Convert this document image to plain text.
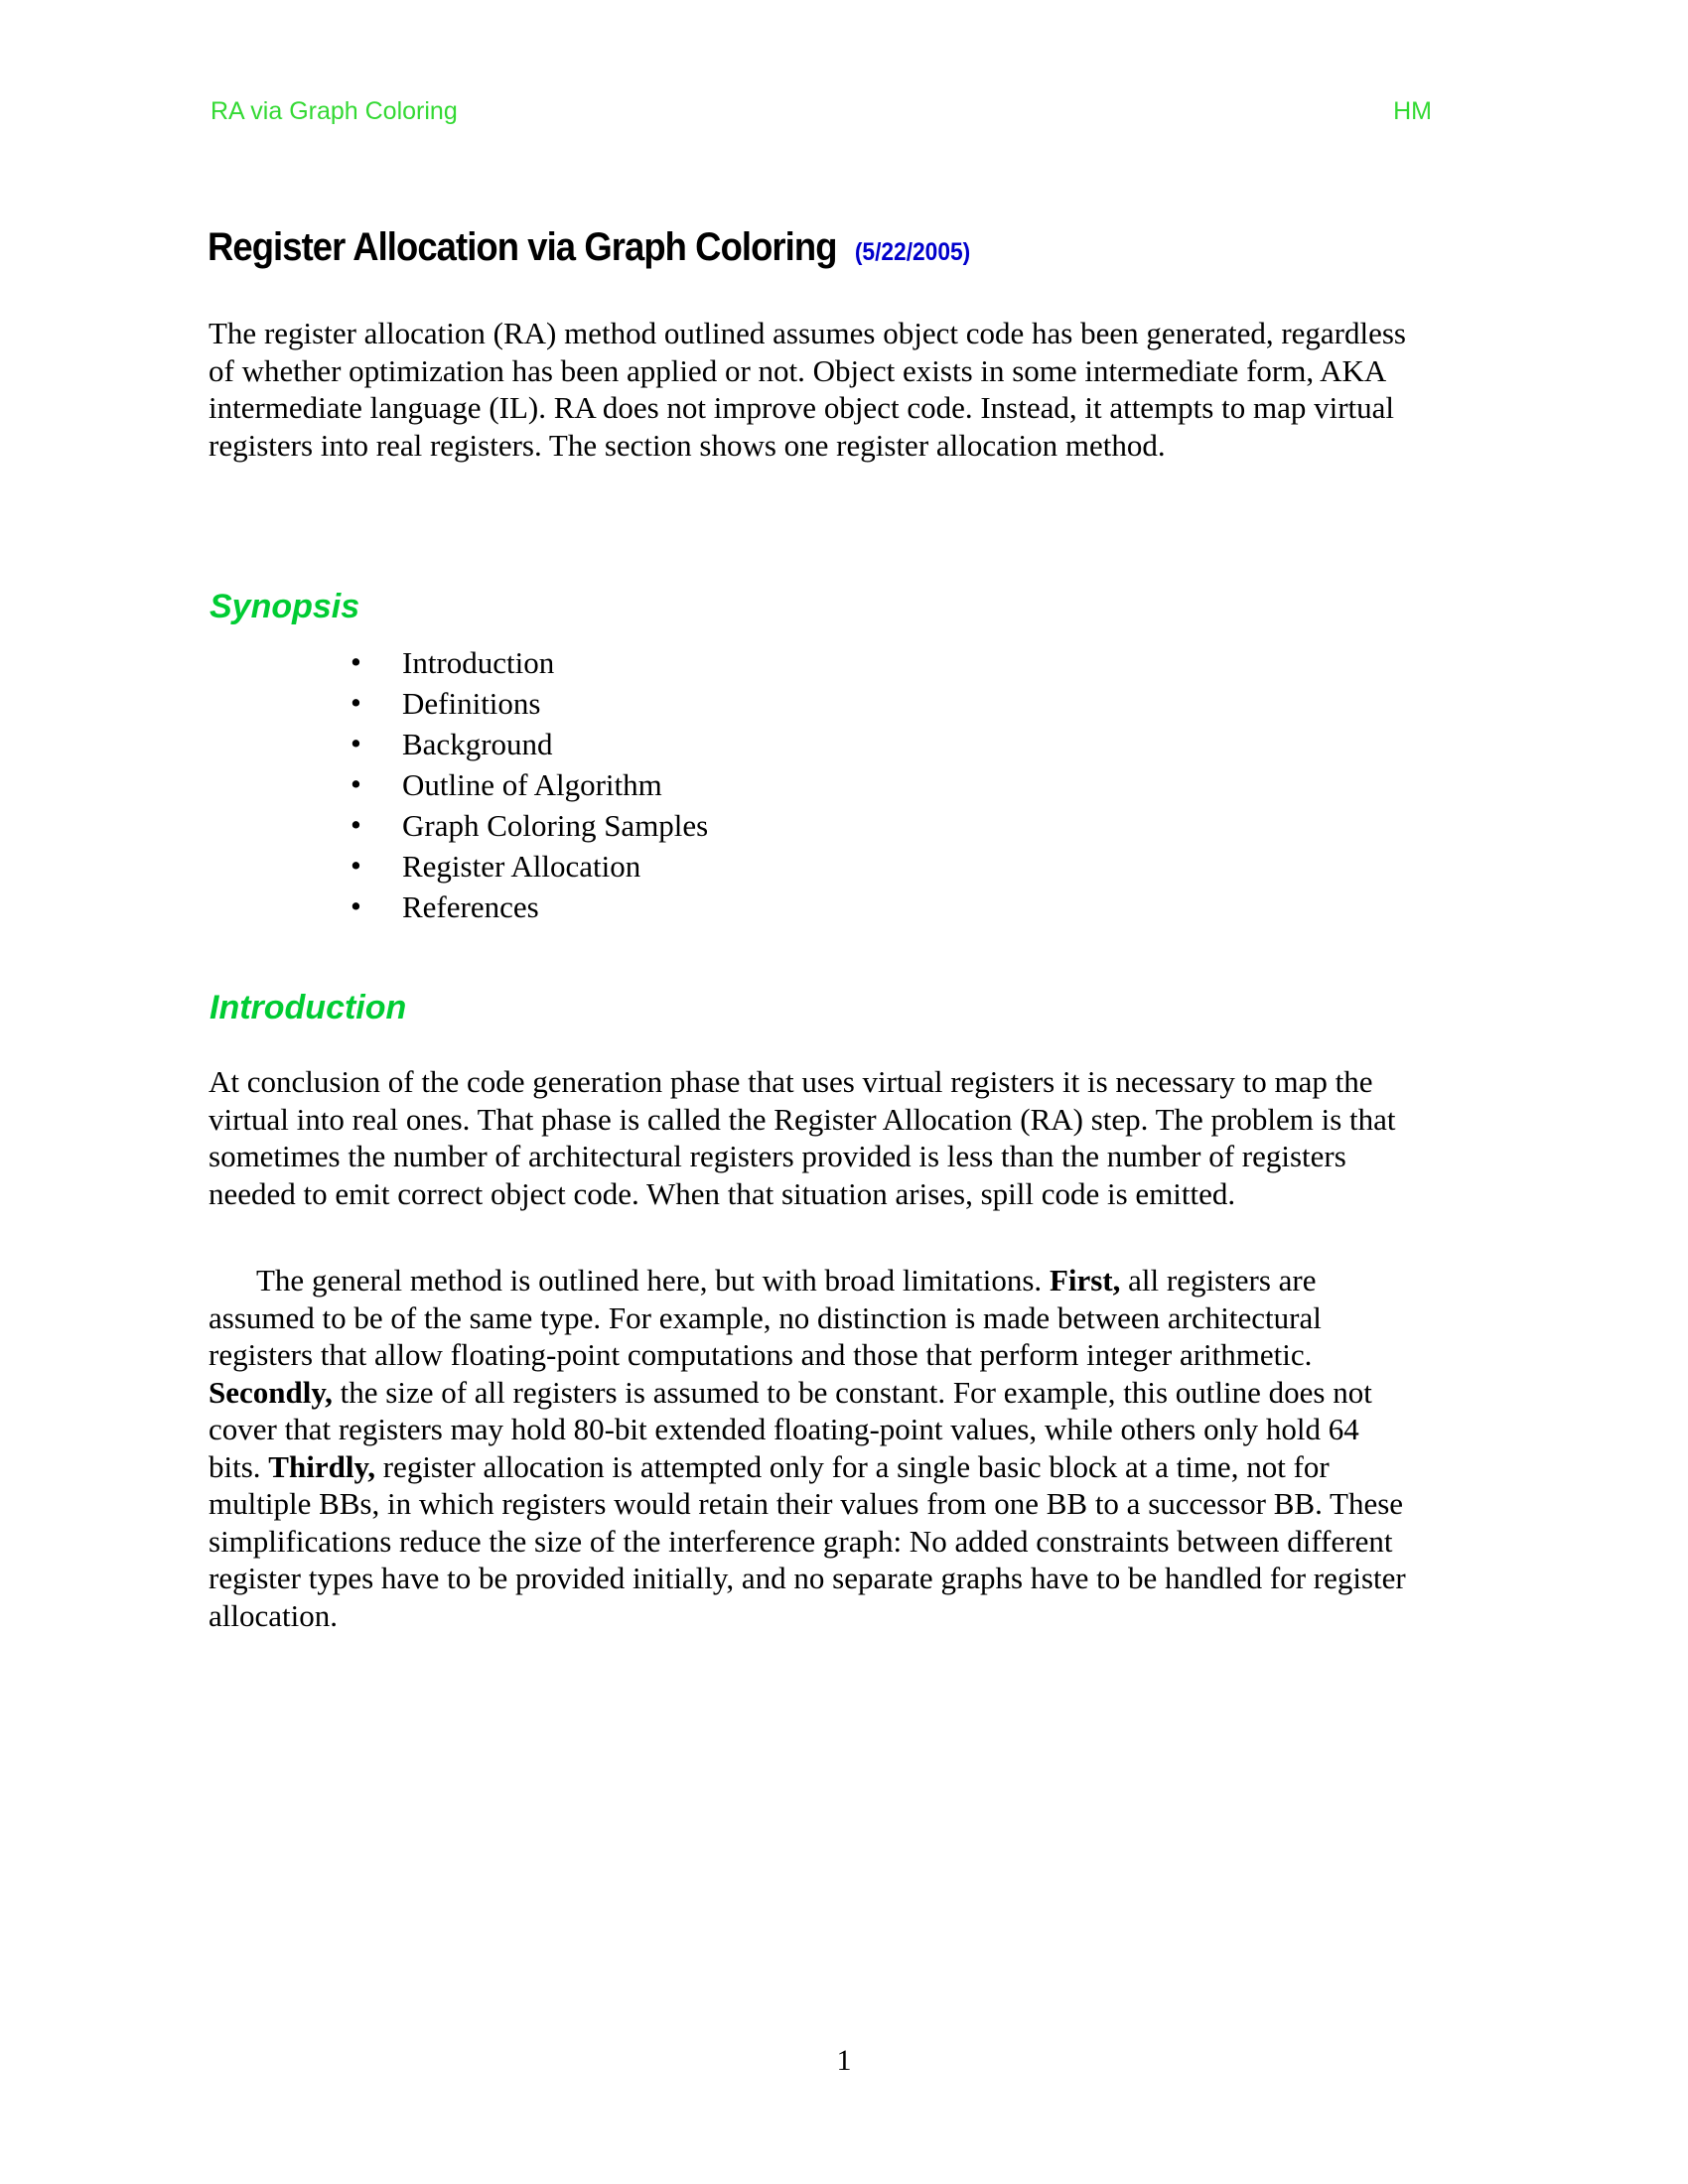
RA via Graph Coloring	HM
Register Allocation via Graph Coloring (5/22/2005)

The register allocation (RA) method outlined assumes object code has been generated, regardless of whether optimization has been applied or not. Object exists in some intermediate form, AKA intermediate language (IL). RA does not improve object code. Instead, it attempts to map virtual registers into real registers. The section shows one register allocation method.

Synopsis
• Introduction
• Definitions
• Background
• Outline of Algorithm
• Graph Coloring Samples
• Register Allocation
• References
Introduction

At conclusion of the code generation phase that uses virtual registers it is necessary to map the virtual into real ones. That phase is called the Register Allocation (RA) step. The problem is that sometimes the number of architectural registers provided is less than the number of registers needed to emit correct object code. When that situation arises, spill code is emitted.

The general method is outlined here, but with broad limitations. First, all registers are assumed to be of the same type. For example, no distinction is made between architectural registers that allow floating-point computations and those that perform integer arithmetic. Secondly, the size of all registers is assumed to be constant. For example, this outline does not cover that registers may hold 80-bit extended floating-point values, while others only hold 64 bits. Thirdly, register allocation is attempted only for a single basic block at a time, not for multiple BBs, in which registers would retain their values from one BB to a successor BB. These simplifications reduce the size of the interference graph: No added constraints between different register types have to be provided initially, and no separate graphs have to be handled for register allocation.

1
